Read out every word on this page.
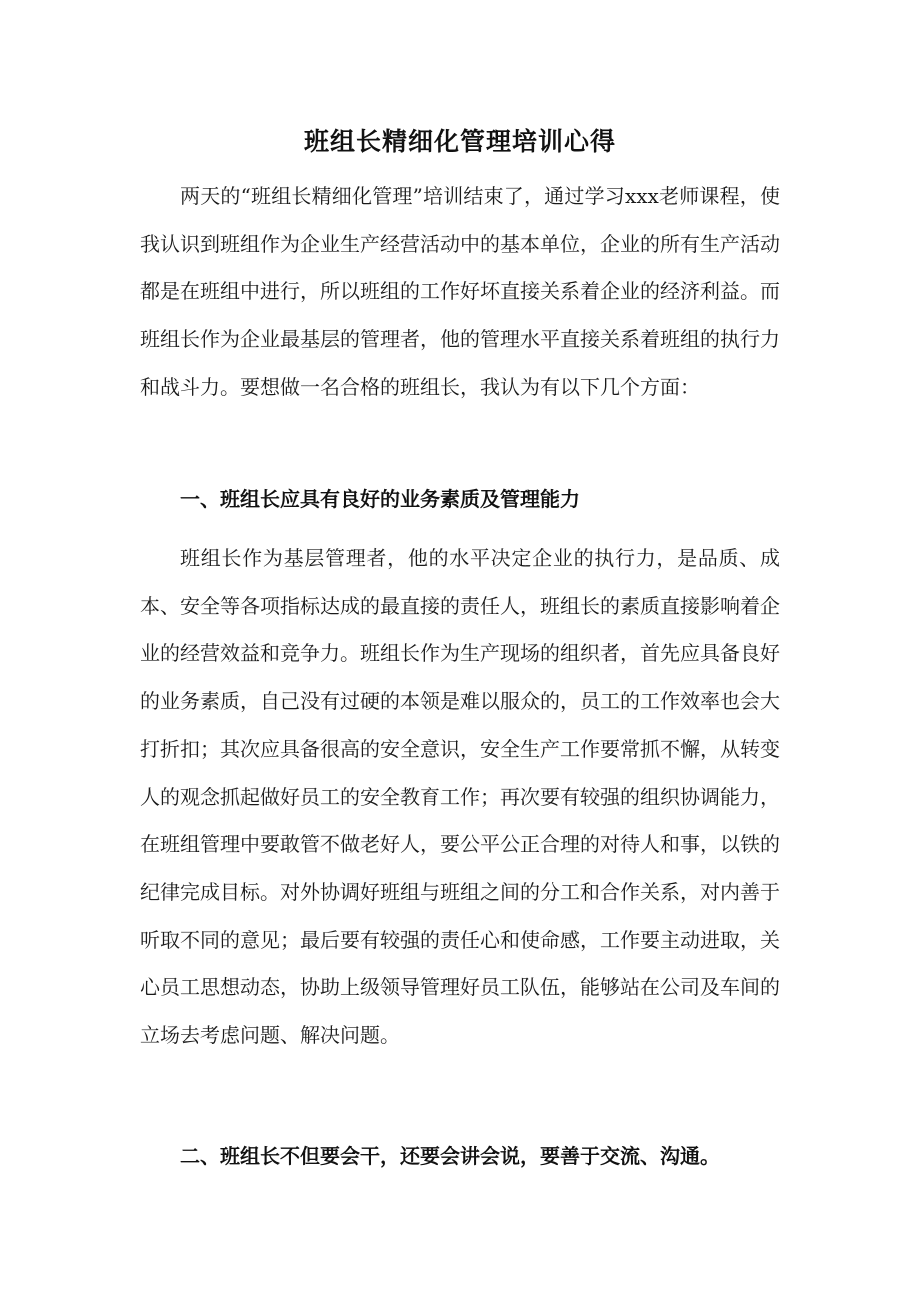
班组长精细化管理培训心得

两天的“班组长精细化管理”培训结束了，通过学习xxx老师课程，使我认识到班组作为企业生产经营活动中的基本单位，企业的所有生产活动都是在班组中进行，所以班组的工作好坏直接关系着企业的经济利益。而班组长作为企业最基层的管理者，他的管理水平直接关系着班组的执行力和战斗力。要想做一名合格的班组长，我认为有以下几个方面：

一、班组长应具有良好的业务素质及管理能力

班组长作为基层管理者，他的水平决定企业的执行力，是品质、成本、安全等各项指标达成的最直接的责任人，班组长的素质直接影响着企业的经营效益和竞争力。班组长作为生产现场的组织者，首先应具备良好的业务素质，自己没有过硬的本领是难以服众的，员工的工作效率也会大打折扣；其次应具备很高的安全意识，安全生产工作要常抓不懈，从转变人的观念抓起做好员工的安全教育工作；再次要有较强的组织协调能力，在班组管理中要敢管不做老好人，要公平公正合理的对待人和事，以铁的纪律完成目标。对外协调好班组与班组之间的分工和合作关系，对内善于听取不同的意见；最后要有较强的责任心和使命感，工作要主动进取，关心员工思想动态，协助上级领导管理好员工队伍，能够站在公司及车间的立场去考虑问题、解决问题。

二、班组长不但要会干，还要会讲会说，要善于交流、沟通。
